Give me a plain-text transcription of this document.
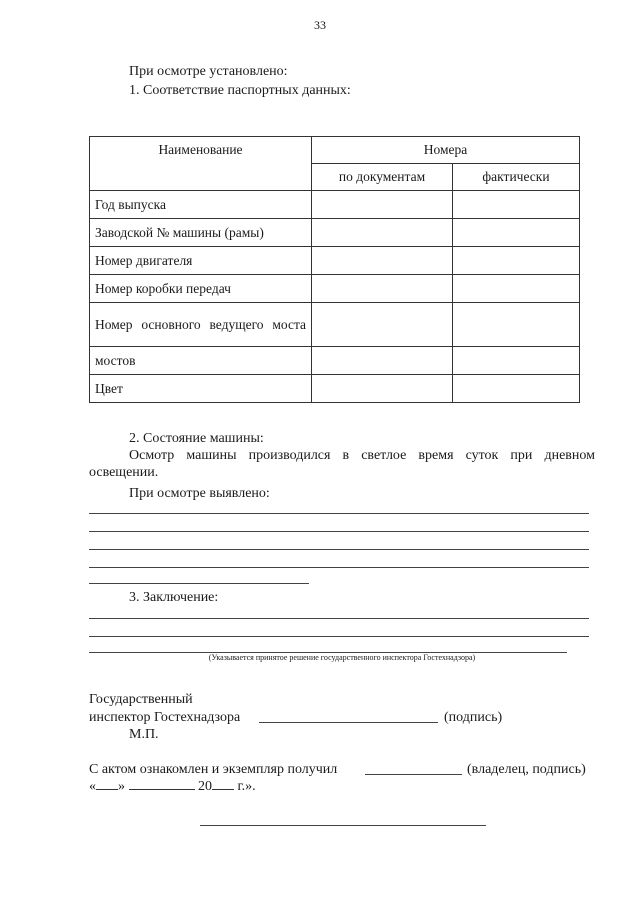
33
При осмотре установлено:
1. Соответствие паспортных данных:
Наименование	Номера	
	по документам	фактически
Год выпуска		
Заводской № машины (рамы)		
Номер двигателя		
Номер коробки передач		
Номер основного ведущего моста		
мостов		
Цвет		
2. Состояние машины:
Осмотр машины производился в светлое время суток при дневном освещении.
При осмотре выявлено:
3. Заключение:
(Указывается принятое решение государственного инспектора Гостехнадзора)
Государственный
инспектор Гостехнадзора	(подпись)
М.П.
С актом ознакомлен и экземпляр получил	(владелец, подпись)
« »	20 г.».
